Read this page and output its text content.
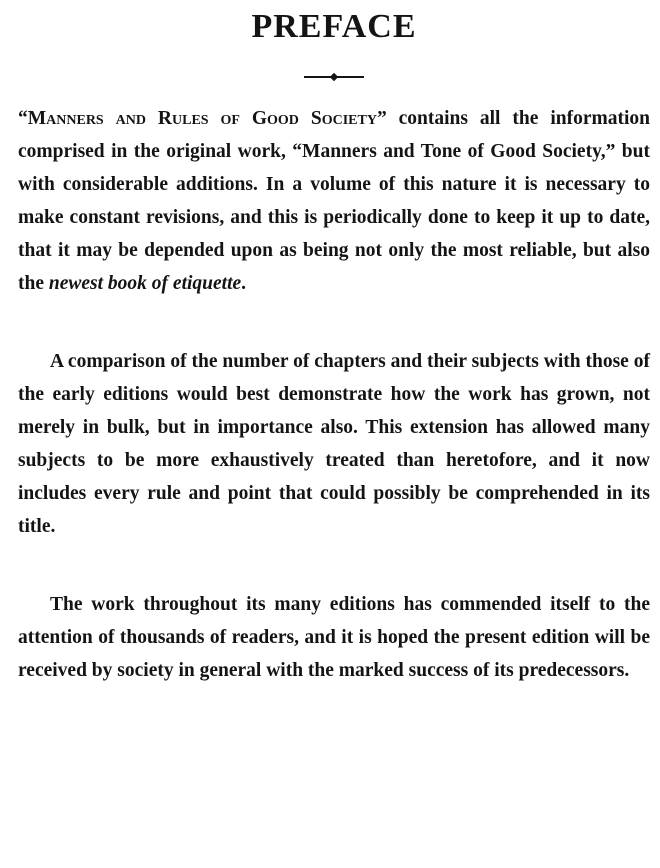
PREFACE

“Manners and Rules of Good Society” contains all the information comprised in the original work, “Manners and Tone of Good Society,” but with considerable additions. In a volume of this nature it is necessary to make constant revisions, and this is periodically done to keep it up to date, that it may be depended upon as being not only the most reliable, but also the newest book of etiquette.

A comparison of the number of chapters and their subjects with those of the early editions would best demonstrate how the work has grown, not merely in bulk, but in importance also. This extension has allowed many subjects to be more exhaustively treated than heretofore, and it now includes every rule and point that could possibly be comprehended in its title.

The work throughout its many editions has commended itself to the attention of thousands of readers, and it is hoped the present edition will be received by society in general with the marked success of its predecessors.
